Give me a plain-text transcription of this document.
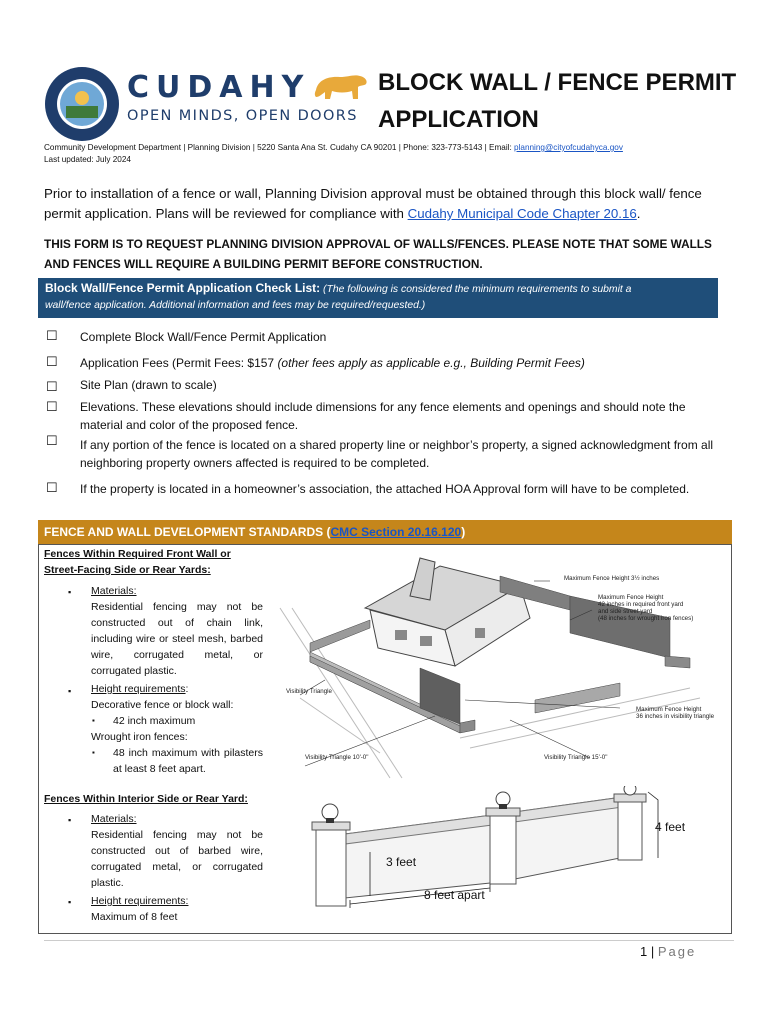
CUDAHY
OPEN MINDS, OPEN DOORS
BLOCK WALL / FENCE PERMIT
APPLICATION
Community Development Department | Planning Division | 5220 Santa Ana St. Cudahy CA 90201 | Phone: 323-773-5143 | Email: planning@cityofcudahyca.gov
Last updated: July 2024
Prior to installation of a fence or wall, Planning Division approval must be obtained through this block wall/ fence permit application. Plans will be reviewed for compliance with Cudahy Municipal Code Chapter 20.16.
THIS FORM IS TO REQUEST PLANNING DIVISION APPROVAL OF WALLS/FENCES. PLEASE NOTE THAT SOME WALLS AND FENCES WILL REQUIRE A BUILDING PERMIT BEFORE CONSTRUCTION.
Block Wall/Fence Permit Application Check List: (The following is considered the minimum requirements to submit a
wall/fence application. Additional information and fees may be required/requested.)
☐ Complete Block Wall/Fence Permit Application
☐ Application Fees (Permit Fees: $157 (other fees apply as applicable e.g., Building Permit Fees)
☐ Site Plan (drawn to scale)
☐ Elevations. These elevations should include dimensions for any fence elements and openings and should note the material and color of the proposed fence.
☐ If any portion of the fence is located on a shared property line or neighbor’s property, a signed acknowledgment from all neighboring property owners affected is required to be completed.
☐ If the property is located in a homeowner’s association, the attached HOA Approval form will have to be completed.
FENCE AND WALL DEVELOPMENT STANDARDS (CMC Section 20.16.120)
Fences Within Required Front Wall or
Street-Facing Side or Rear Yards:
▪ Materials:
Residential fencing may not be constructed out of chain link, including wire or steel mesh, barbed wire, corrugated metal, or corrugated plastic.
▪ Height requirements:
Decorative fence or block wall:
▪ 42 inch maximum
Wrought iron fences:
▪ 48 inch maximum with pilasters at least 8 feet apart.
Fences Within Interior Side or Rear Yard:
▪ Materials:
Residential fencing may not be constructed out of barbed wire, corrugated metal, or corrugated plastic.
▪ Height requirements:
Maximum of 8 feet
Maximum Fence Height 3½ inches
Maximum Fence Height
42 inches in required front yard
and side street yard
(48 inches for wrought iron fences)
Visibility Triangle
Maximum Fence Height
36 inches in visibility triangle
Visibility Triangle 10'-0"	Visibility Triangle 15'-0"
4 feet
3 feet
8 feet apart
1 | Page
